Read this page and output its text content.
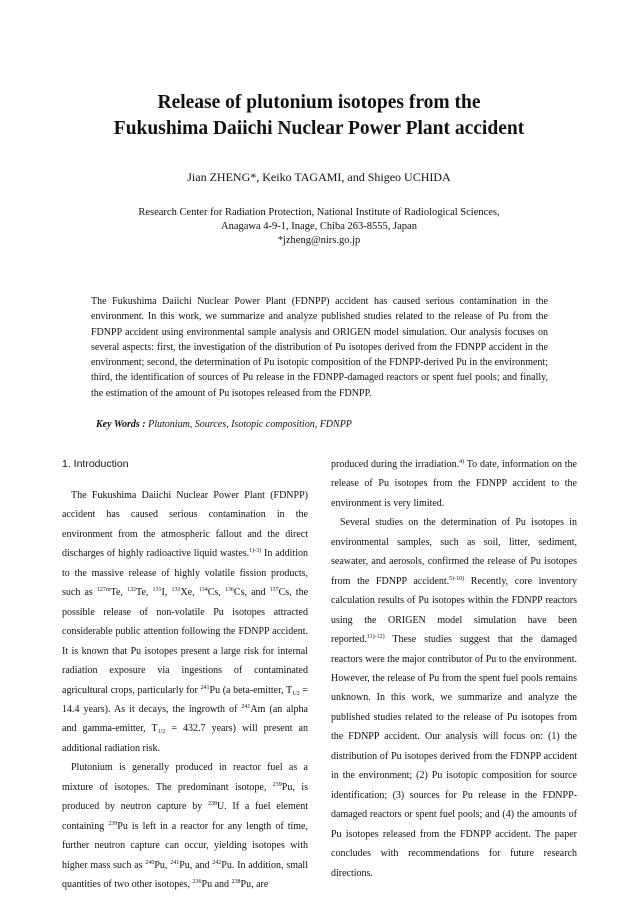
Release of plutonium isotopes from the
Fukushima Daiichi Nuclear Power Plant accident
Jian ZHENG*, Keiko TAGAMI, and Shigeo UCHIDA
Research Center for Radiation Protection, National Institute of Radiological Sciences,
Anagawa 4-9-1, Inage, Chiba 263-8555, Japan
*jzheng@nirs.go.jp
The Fukushima Daiichi Nuclear Power Plant (FDNPP) accident has caused serious contamination in the environment. In this work, we summarize and analyze published studies related to the release of Pu from the FDNPP accident using environmental sample analysis and ORIGEN model simulation. Our analysis focuses on several aspects: first, the investigation of the distribution of Pu isotopes derived from the FDNPP accident in the environment; second, the determination of Pu isotopic composition of the FDNPP-derived Pu in the environment; third, the identification of sources of Pu release in the FDNPP-damaged reactors or spent fuel pools; and finally, the estimation of the amount of Pu isotopes released from the FDNPP.
Key Words : Plutonium, Sources, Isotopic composition, FDNPP
1. Introduction

The Fukushima Daiichi Nuclear Power Plant (FDNPP) accident has caused serious contamination in the environment from the atmospheric fallout and the direct discharges of highly radioactive liquid wastes.$^{1)-3)}$ In addition to the massive release of highly volatile fission products, such as $^{127m}$Te, $^{132}$Te, $^{131}$I, $^{133}$Xe, $^{134}$Cs, $^{136}$Cs, and $^{137}$Cs, the possible release of non-volatile Pu isotopes attracted considerable public attention following the FDNPP accident. It is known that Pu isotopes present a large risk for internal radiation exposure via ingestions of contaminated agricultural crops, particularly for $^{241}$Pu (a beta-emitter, $T_{1/2} = 14.4$ years). As it decays, the ingrowth of $^{241}$Am (an alpha and gamma-emitter, $T_{1/2} = 432.7$ years) will present an additional radiation risk.

Plutonium is generally produced in reactor fuel as a mixture of isotopes. The predominant isotope, $^{239}$Pu, is produced by neutron capture by $^{238}$U. If a fuel element containing $^{239}$Pu is left in a reactor for any length of time, further neutron capture can occur, yielding isotopes with higher mass such as $^{240}$Pu, $^{241}$Pu, and $^{242}$Pu. In addition, small quantities of two other isotopes, $^{236}$Pu and $^{238}$Pu, are

produced during the irradiation.$^{4)}$ To date, information on the release of Pu isotopes from the FDNPP accident to the environment is very limited.

Several studies on the determination of Pu isotopes in environmental samples, such as soil, litter, sediment, seawater, and aerosols, confirmed the release of Pu isotopes from the FDNPP accident.$^{5)-10)}$ Recently, core inventory calculation results of Pu isotopes within the FDNPP reactors using the ORIGEN model simulation have been reported.$^{11)-12)}$ These studies suggest that the damaged reactors were the major contributor of Pu to the environment. However, the release of Pu from the spent fuel pools remains unknown. In this work, we summarize and analyze the published studies related to the release of Pu isotopes from the FDNPP accident. Our analysis will focus on: (1) the distribution of Pu isotopes derived from the FDNPP accident in the environment; (2) Pu isotopic composition for source identification; (3) sources for Pu release in the FDNPP-damaged reactors or spent fuel pools; and (4) the amounts of Pu isotopes released from the FDNPP accident. The paper concludes with recommendations for future research directions.
